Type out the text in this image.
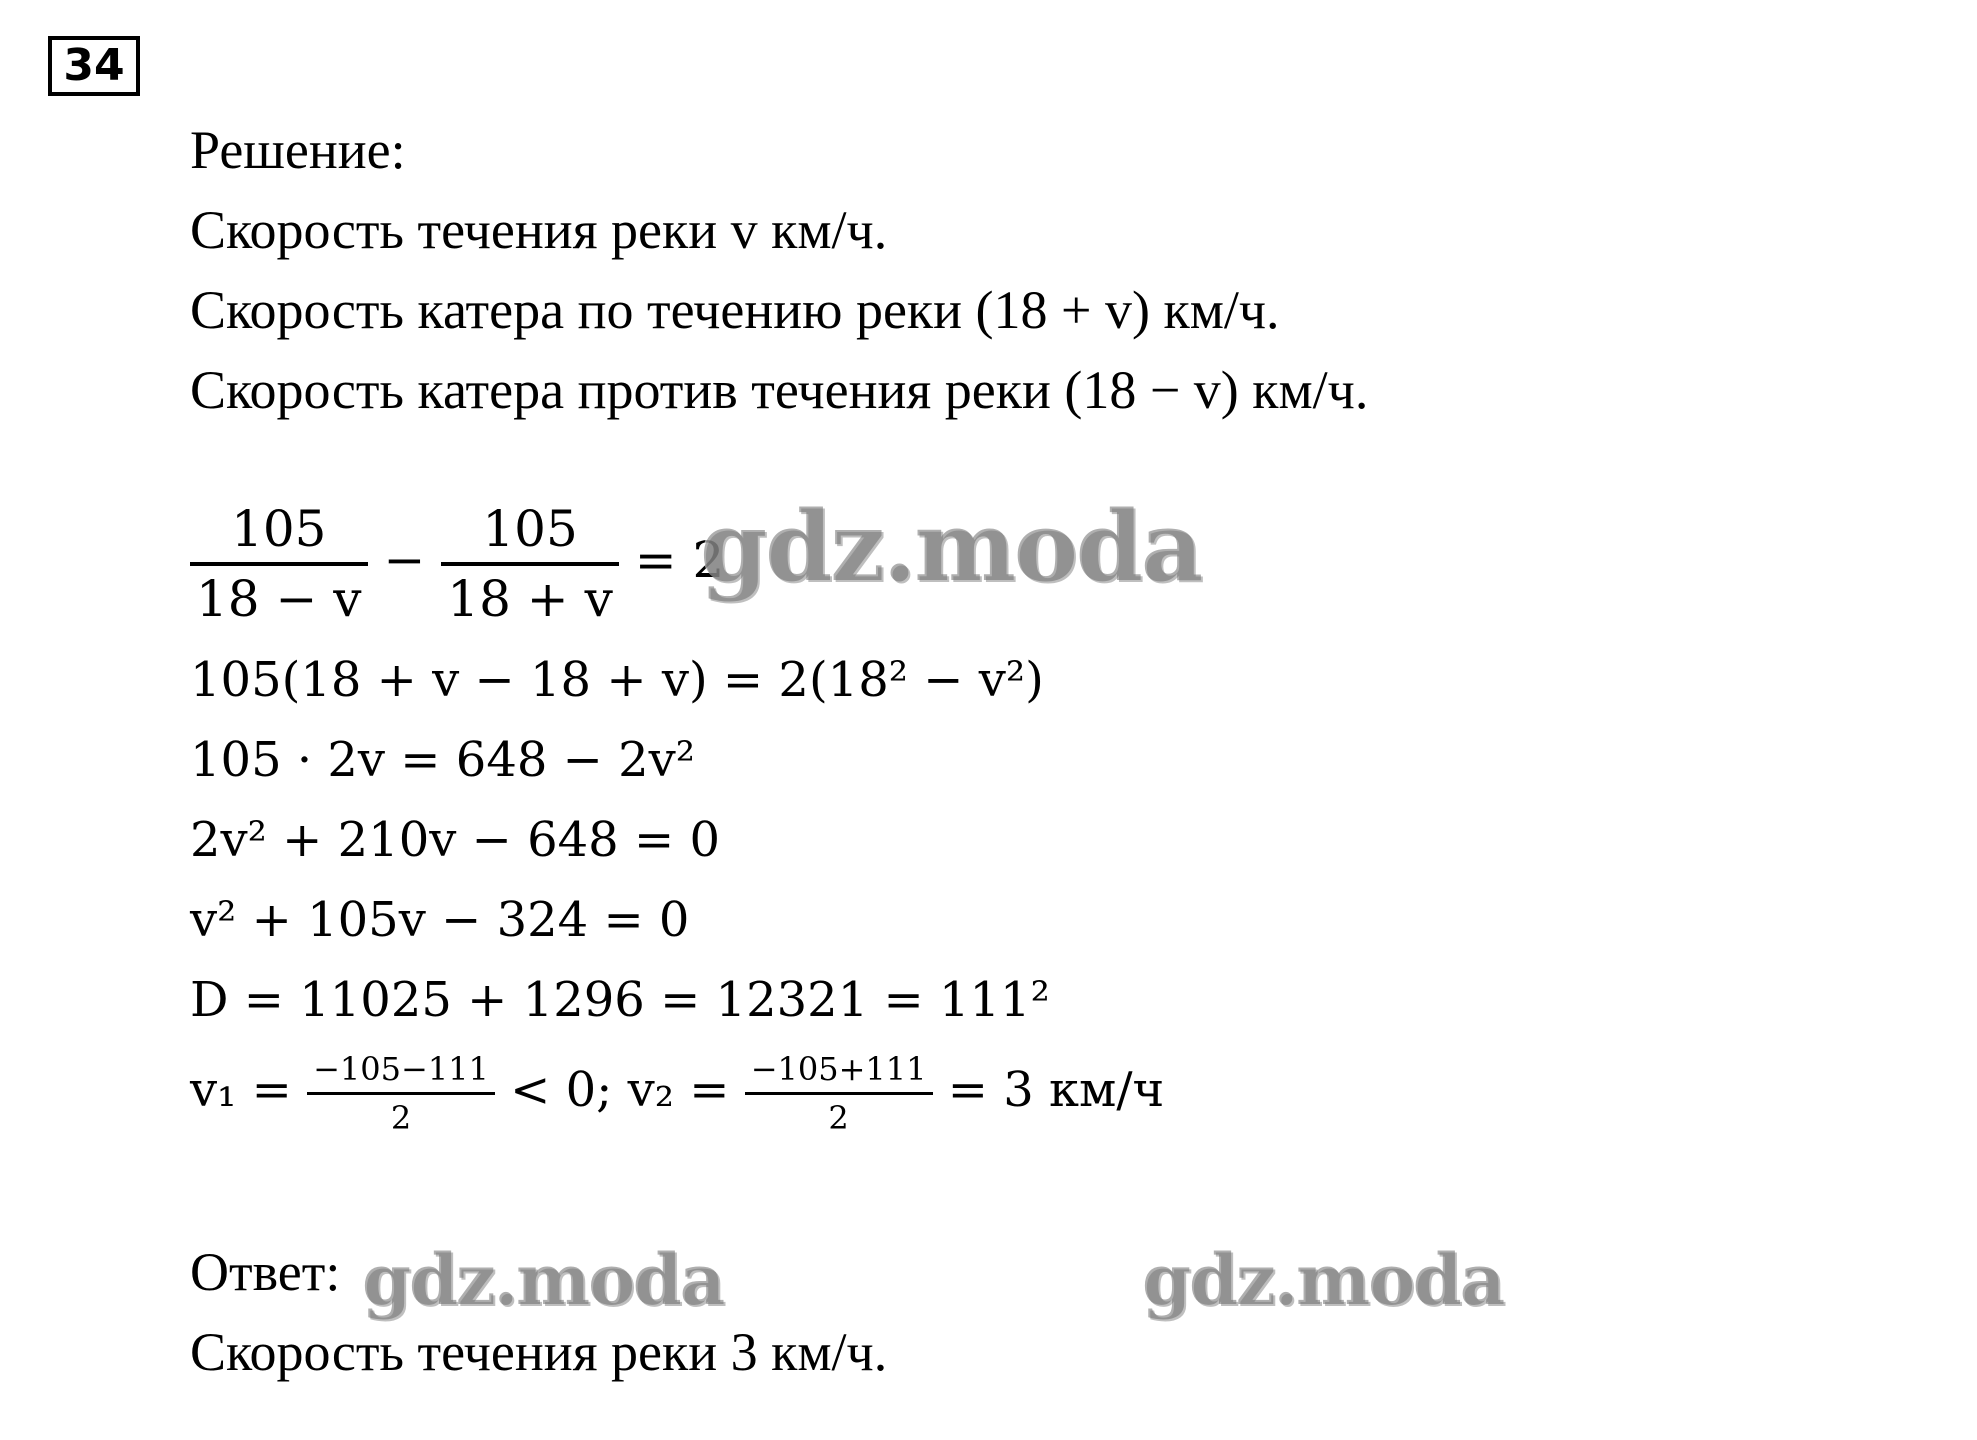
34
Решение:
Скорость течения реки v км/ч.
Скорость катера по течению реки (18 + v) км/ч.
Скорость катера против течения реки (18 − v) км/ч.
$\frac{105}{18 - v} - \frac{105}{18 + v} = 2$
105(18 + v − 18 + v) = 2(18² − v²)
105 · 2v = 648 − 2v²
2v² + 210v − 648 = 0
v² + 105v − 324 = 0
D = 11025 + 1296 = 12321 = 111²
$v_1 = \frac{-105-111}{2} < 0$; $v_2 = \frac{-105+111}{2} = 3$ км/ч
Ответ:
Скорость течения реки 3 км/ч.
gdz.moda
gdz.moda	gdz.moda
